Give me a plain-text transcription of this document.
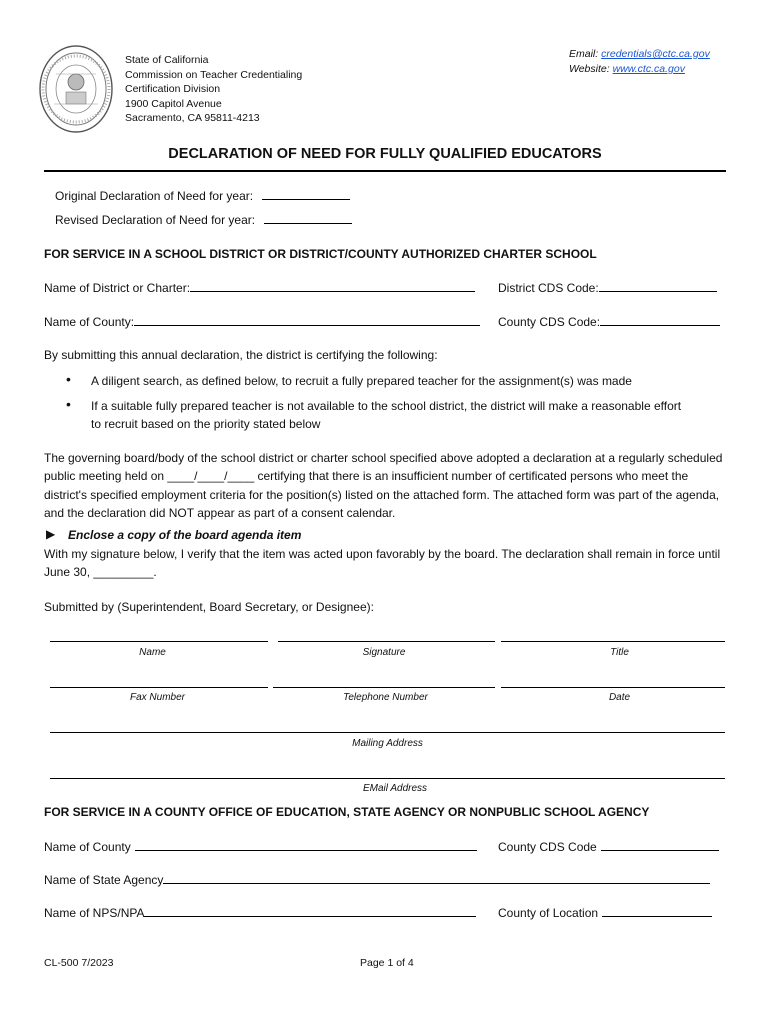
State of California
Commission on Teacher Credentialing
Certification Division
1900 Capitol Avenue
Sacramento, CA 95811-4213
Email: credentials@ctc.ca.gov
Website: www.ctc.ca.gov
DECLARATION OF NEED FOR FULLY QUALIFIED EDUCATORS
Original Declaration of Need for year:
Revised Declaration of Need for year:
FOR SERVICE IN A SCHOOL DISTRICT OR DISTRICT/COUNTY AUTHORIZED CHARTER SCHOOL
Name of District or Charter:	District CDS Code:
Name of County:	County CDS Code:
By submitting this annual declaration, the district is certifying the following:
• A diligent search, as defined below, to recruit a fully prepared teacher for the assignment(s) was made
• If a suitable fully prepared teacher is not available to the school district, the district will make a reasonable effort
to recruit based on the priority stated below
The governing board/body of the school district or charter school specified above adopted a declaration at a regularly scheduled public meeting held on ____/____/____ certifying that there is an insufficient number of certificated persons who meet the district's specified employment criteria for the position(s) listed on the attached form. The attached form was part of the agenda, and the declaration did NOT appear as part of a consent calendar.
▶ Enclose a copy of the board agenda item
With my signature below, I verify that the item was acted upon favorably by the board. The declaration shall remain in force until June 30, _________.
Submitted by (Superintendent, Board Secretary, or Designee):
Name	Signature	Title
Fax Number	Telephone Number	Date
Mailing Address
EMail Address
FOR SERVICE IN A COUNTY OFFICE OF EDUCATION, STATE AGENCY OR NONPUBLIC SCHOOL AGENCY
Name of County	County CDS Code
Name of State Agency
Name of NPS/NPA	County of Location
CL-500 7/2023	Page 1 of 4
